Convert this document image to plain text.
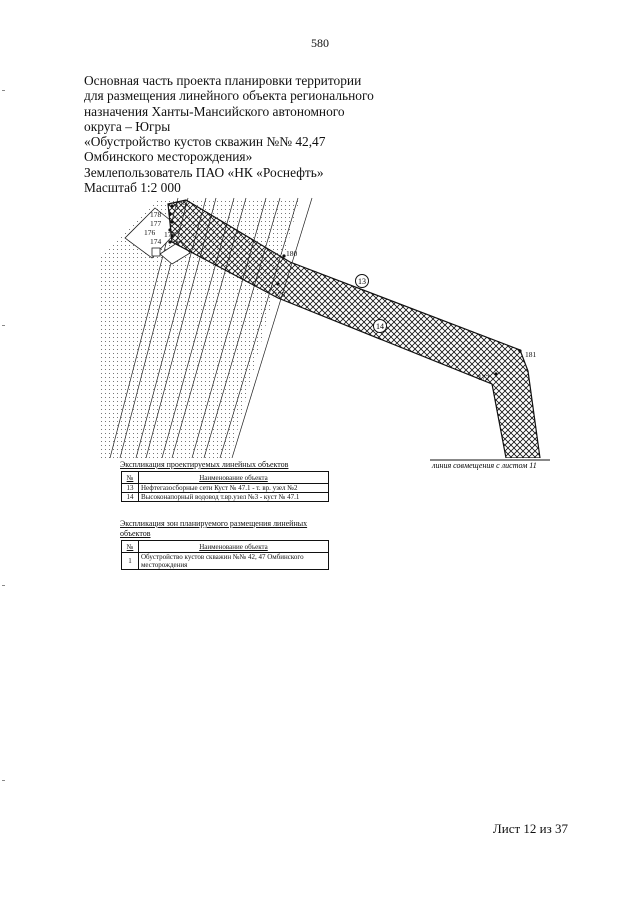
580
Основная часть проекта планировки территории
для размещения линейного объекта регионального
назначения Ханты-Мансийского автономного
округа – Югры
«Обустройство кустов скважин №№ 42,47
Омбинского месторождения»
Землепользователь ПАО «НК «Роснефть»
Масштаб 1:2 000
179
178
177
176 175
174
180
173
181
172
13
14
линия совмещения с листом 11
Экспликация проектируемых линейных объектов
№	Наименование объекта
13	Нефтегазосборные сети Куст № 47.1 - т. вр. узел №2
14	Высоконапорный водовод т.вр.узел №3 - куст № 47.1
Экспликация зон планируемого размещения линейных
объектов
№	Наименование объекта
1	Обустройство кустов скважин №№ 42, 47 Омбинского месторождения
Лист 12 из 37
